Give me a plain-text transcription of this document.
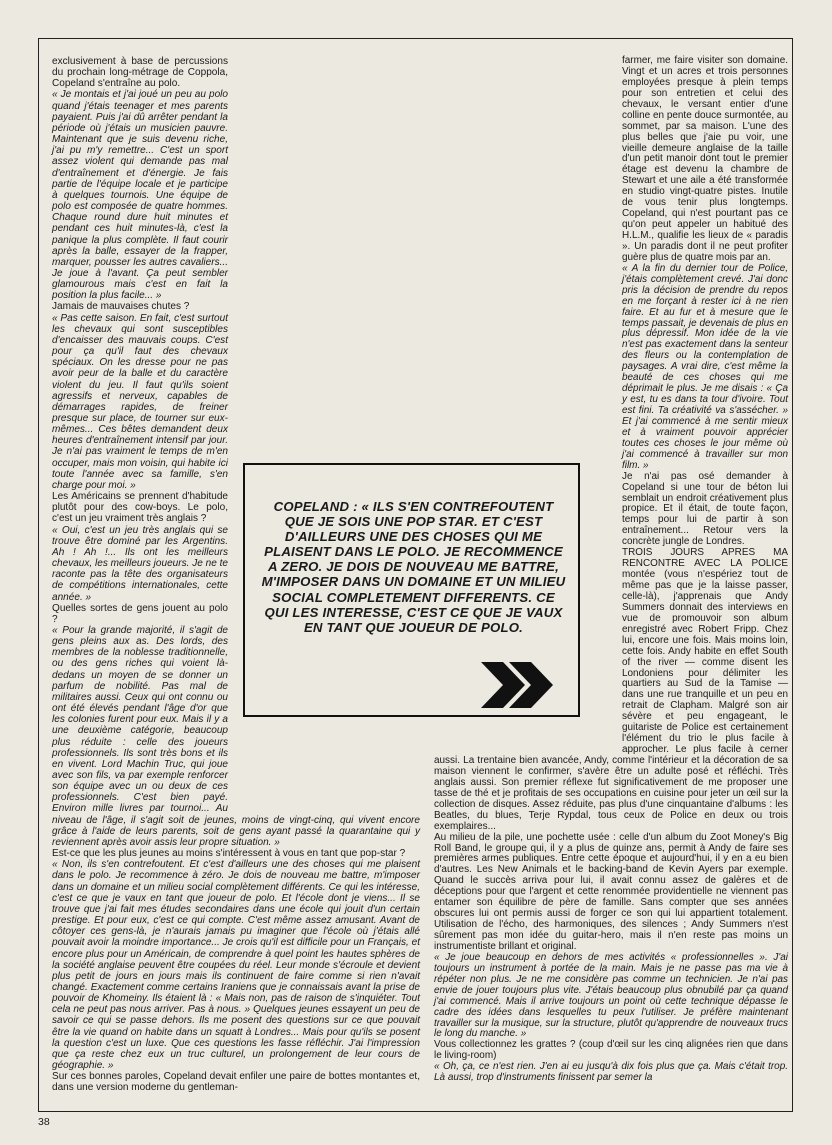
exclusivement à base de percussions du prochain long-métrage de Coppola, Copeland s'entraîne au polo.

« Je montais et j'ai joué un peu au polo quand j'étais teenager et mes parents payaient. Puis j'ai dû arrêter pendant la période où j'étais un musicien pauvre. Maintenant que je suis devenu riche, j'ai pu m'y remettre... C'est un sport assez violent qui demande pas mal d'entraînement et d'énergie. Je fais partie de l'équipe locale et je participe à quelques tournois. Une équipe de polo est composée de quatre hommes. Chaque round dure huit minutes et pendant ces huit minutes-là, c'est la panique la plus complète. Il faut courir après la balle, essayer de la frapper, marquer, pousser les autres cavaliers... Je joue à l'avant. Ça peut sembler glamourous mais c'est en fait la position la plus facile... »

Jamais de mauvaises chutes ?

« Pas cette saison. En fait, c'est surtout les chevaux qui sont susceptibles d'encaisser des mauvais coups. C'est pour ça qu'il faut des chevaux spéciaux. On les dresse pour ne pas avoir peur de la balle et du caractère violent du jeu. Il faut qu'ils soient agressifs et nerveux, capables de démarrages rapides, de freiner presque sur place, de tourner sur eux-mêmes... Ces bêtes demandent deux heures d'entraînement intensif par jour. Je n'ai pas vraiment le temps de m'en occuper, mais mon voisin, qui habite ici toute l'année avec sa famille, s'en charge pour moi. »

Les Américains se prennent d'habitude plutôt pour des cow-boys. Le polo, c'est un jeu vraiment très anglais ?

« Oui, c'est un jeu très anglais qui se trouve être dominé par les Argentins. Ah ! Ah !... Ils ont les meilleurs chevaux, les meilleurs joueurs. Je ne te raconte pas la tête des organisateurs de compétitions internationales, cette année. »

Quelles sortes de gens jouent au polo ?

« Pour la grande majorité, il s'agit de gens pleins aux as. Des lords, des membres de la noblesse traditionnelle, ou des gens riches qui voient là-dedans un moyen de se donner un parfum de nobilité. Pas mal de militaires aussi. Ceux qui ont connu ou ont été élevés pendant l'âge d'or que les colonies furent pour eux. Mais il y a une deuxième catégorie, beaucoup plus réduite : celle des joueurs professionnels. Ils sont très bons et ils en vivent. Lord Machin Truc, qui joue avec son fils, va par exemple renforcer son équipe avec un ou deux de ces professionnels. C'est bien payé. Environ mille livres par tournoi... Au niveau de l'âge, il s'agit soit de jeunes, moins de vingt-cinq, qui vivent encore grâce à l'aide de leurs parents, soit de gens ayant passé la quarantaine qui y reviennent après avoir assis leur propre situation. »

Est-ce que les plus jeunes au moins s'intéressent à vous en tant que pop-star ?

« Non, ils s'en contrefoutent. Et c'est d'ailleurs une des choses qui me plaisent dans le polo. Je recommence à zéro. Je dois de nouveau me battre, m'imposer dans un domaine et un milieu social complètement différents. Ce qui les intéresse, c'est ce que je vaux en tant que joueur de polo. Et l'école dont je viens... Il se trouve que j'ai fait mes études secondaires dans une école qui jouit d'un certain prestige. Et pour eux, c'est ce qui compte. C'est même assez amusant. Avant de côtoyer ces gens-là, je n'aurais jamais pu imaginer que l'école où j'étais allé pouvait avoir la moindre importance... Je crois qu'il est difficile pour un Français, et encore plus pour un Américain, de comprendre à quel point les hautes sphères de la société anglaise peuvent être coupées du réel. Leur monde s'écroule et devient plus petit de jours en jours mais ils continuent de faire comme si rien n'avait changé. Exactement comme certains Iraniens que je connaissais avant la prise de pouvoir de Khomeiny. Ils étaient là : « Mais non, pas de raison de s'inquiéter. Tout cela ne peut pas nous arriver. Pas à nous. » Quelques jeunes essayent un peu de savoir ce qui se passe dehors. Ils me posent des questions sur ce que pouvait être la vie quand on habite dans un squatt à Londres... Mais pour qu'ils se posent la question c'est un luxe. Que ces questions les fasse réfléchir. J'ai l'impression que ça reste chez eux un truc culturel, un prolongement de leur cours de géographie. »

Sur ces bonnes paroles, Copeland devait enfiler une paire de bottes montantes et, dans une version moderne du gentleman-

farmer, me faire visiter son domaine. Vingt et un acres et trois personnes employées presque à plein temps pour son entretien et celui des chevaux, le versant entier d'une colline en pente douce surmontée, au sommet, par sa maison. L'une des plus belles que j'aie pu voir, une vieille demeure anglaise de la taille d'un petit manoir dont tout le premier étage est devenu la chambre de Stewart et une aile a été transformée en studio vingt-quatre pistes. Inutile de vous tenir plus longtemps. Copeland, qui n'est pourtant pas ce qu'on peut appeler un habitué des H.L.M., qualifie les lieux de « paradis ». Un paradis dont il ne peut profiter guère plus de quatre mois par an.

« A la fin du dernier tour de Police, j'étais complètement crevé. J'ai donc pris la décision de prendre du repos en me forçant à rester ici à ne rien faire. Et au fur et à mesure que le temps passait, je devenais de plus en plus dépressif. Mon idée de la vie n'est pas exactement dans la senteur des fleurs ou la contemplation de paysages. A vrai dire, c'est même la beauté de ces choses qui me déprimait le plus. Je me disais : « Ça y est, tu es dans ta tour d'ivoire. Tout est fini. Ta créativité va s'assécher. » Et j'ai commencé à me sentir mieux et à vraiment pouvoir apprécier toutes ces choses le jour même où j'ai commencé à travailler sur mon film. »

Je n'ai pas osé demander à Copeland si une tour de béton lui semblait un endroit créativement plus propice. Et il était, de toute façon, temps pour lui de partir à son entraînement... Retour vers la concrète jungle de Londres.

TROIS JOURS APRES MA RENCONTRE AVEC LA POLICE montée (vous n'espériez tout de même pas que je la laisse passer, celle-là), j'apprenais que Andy Summers donnait des interviews en vue de promouvoir son album enregistré avec Robert Fripp. Chez lui, encore une fois. Mais moins loin, cette fois. Andy habite en effet South of the river — comme disent les Londoniens pour délimiter les quartiers au Sud de la Tamise — dans une rue tranquille et un peu en retrait de Clapham. Malgré son air sévère et peu engageant, le guitariste de Police est certainement l'élément du trio le plus facile à approcher. Le plus facile à cerner aussi. La trentaine bien avancée, Andy, comme l'intérieur et la décoration de sa maison viennent le confirmer, s'avère être un adulte posé et réfléchi. Très anglais aussi. Son premier réflexe fut significativement de me proposer une tasse de thé et je profitais de ses occupations en cuisine pour jeter un œil sur la collection de disques. Assez réduite, pas plus d'une cinquantaine d'albums : les Beatles, du blues, Terje Rypdal, tous ceux de Police en deux ou trois exemplaires...

Au milieu de la pile, une pochette usée : celle d'un album du Zoot Money's Big Roll Band, le groupe qui, il y a plus de quinze ans, permit à Andy de faire ses premières armes publiques. Entre cette époque et aujourd'hui, il y en a eu bien d'autres. Les New Animals et le backing-band de Kevin Ayers par exemple. Quand le succès arriva pour lui, il avait connu assez de galères et de déceptions pour que l'argent et cette renommée providentielle ne viennent pas entamer son équilibre de père de famille. Sans compter que ses années obscures lui ont permis aussi de forger ce son qui lui appartient totalement. Utilisation de l'écho, des harmoniques, des silences ; Andy Summers n'est sûrement pas mon idée du guitar-hero, mais il n'en reste pas moins un instrumentiste brillant et original.

« Je joue beaucoup en dehors de mes activités « professionnelles ». J'ai toujours un instrument à portée de la main. Mais je ne passe pas ma vie à répéter non plus. Je ne me considère pas comme un technicien. Je n'ai pas envie de jouer toujours plus vite. J'étais beaucoup plus obnubilé par ça quand j'ai commencé. Mais il arrive toujours un point où cette technique dépasse le cadre des idées dans lesquelles tu peux l'utiliser. Je préfère maintenant travailler sur la musique, sur la structure, plutôt qu'apprendre de nouveaux trucs le long du manche. »

Vous collectionnez les grattes ? (coup d'œil sur les cinq alignées rien que dans le living-room)

« Oh, ça, ce n'est rien. J'en ai eu jusqu'à dix fois plus que ça. Mais c'était trop. Là aussi, trop d'instruments finissent par semer la

COPELAND : « ILS S'EN CONTREFOUTENT QUE JE SOIS UNE POP STAR. ET C'EST D'AILLEURS UNE DES CHOSES QUI ME PLAISENT DANS LE POLO. JE RECOMMENCE A ZERO. JE DOIS DE NOUVEAU ME BATTRE, M'IMPOSER DANS UN DOMAINE ET UN MILIEU SOCIAL COMPLETEMENT DIFFERENTS. CE QUI LES INTERESSE, C'EST CE QUE JE VAUX EN TANT QUE JOUEUR DE POLO.
38
